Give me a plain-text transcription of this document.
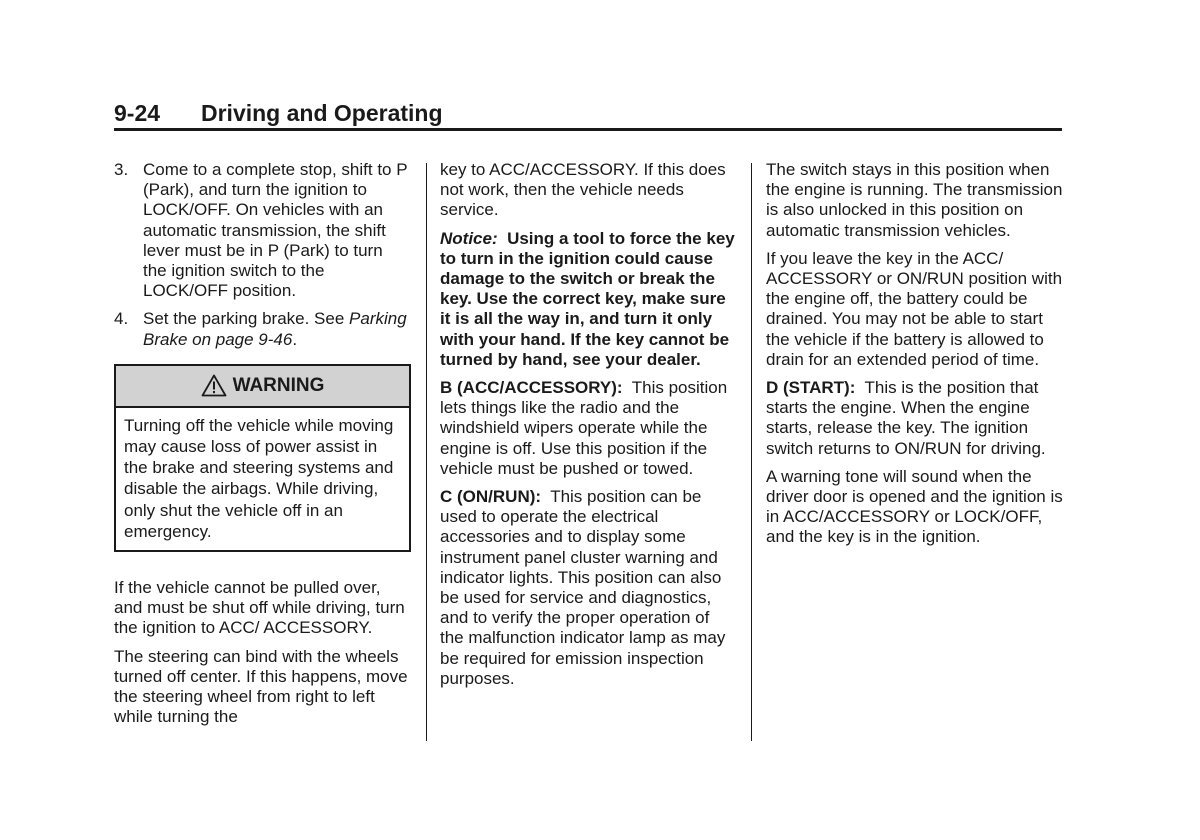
9-24 Driving and Operating
3. Come to a complete stop, shift to P (Park), and turn the ignition to LOCK/OFF. On vehicles with an automatic transmission, the shift lever must be in P (Park) to turn the ignition switch to the LOCK/OFF position.
4. Set the parking brake. See Parking Brake on page 9-46.
WARNING
Turning off the vehicle while moving may cause loss of power assist in the brake and steering systems and disable the airbags. While driving, only shut the vehicle off in an emergency.

If the vehicle cannot be pulled over, and must be shut off while driving, turn the ignition to ACC/ ACCESSORY.

The steering can bind with the wheels turned off center. If this happens, move the steering wheel from right to left while turning the

key to ACC/ACCESSORY. If this does not work, then the vehicle needs service.

Notice: Using a tool to force the key to turn in the ignition could cause damage to the switch or break the key. Use the correct key, make sure it is all the way in, and turn it only with your hand. If the key cannot be turned by hand, see your dealer.

B (ACC/ACCESSORY): This position lets things like the radio and the windshield wipers operate while the engine is off. Use this position if the vehicle must be pushed or towed.

C (ON/RUN): This position can be used to operate the electrical accessories and to display some instrument panel cluster warning and indicator lights. This position can also be used for service and diagnostics, and to verify the proper operation of the malfunction indicator lamp as may be required for emission inspection purposes.

The switch stays in this position when the engine is running. The transmission is also unlocked in this position on automatic transmission vehicles.

If you leave the key in the ACC/ ACCESSORY or ON/RUN position with the engine off, the battery could be drained. You may not be able to start the vehicle if the battery is allowed to drain for an extended period of time.

D (START): This is the position that starts the engine. When the engine starts, release the key. The ignition switch returns to ON/RUN for driving.

A warning tone will sound when the driver door is opened and the ignition is in ACC/ACCESSORY or LOCK/OFF, and the key is in the ignition.
